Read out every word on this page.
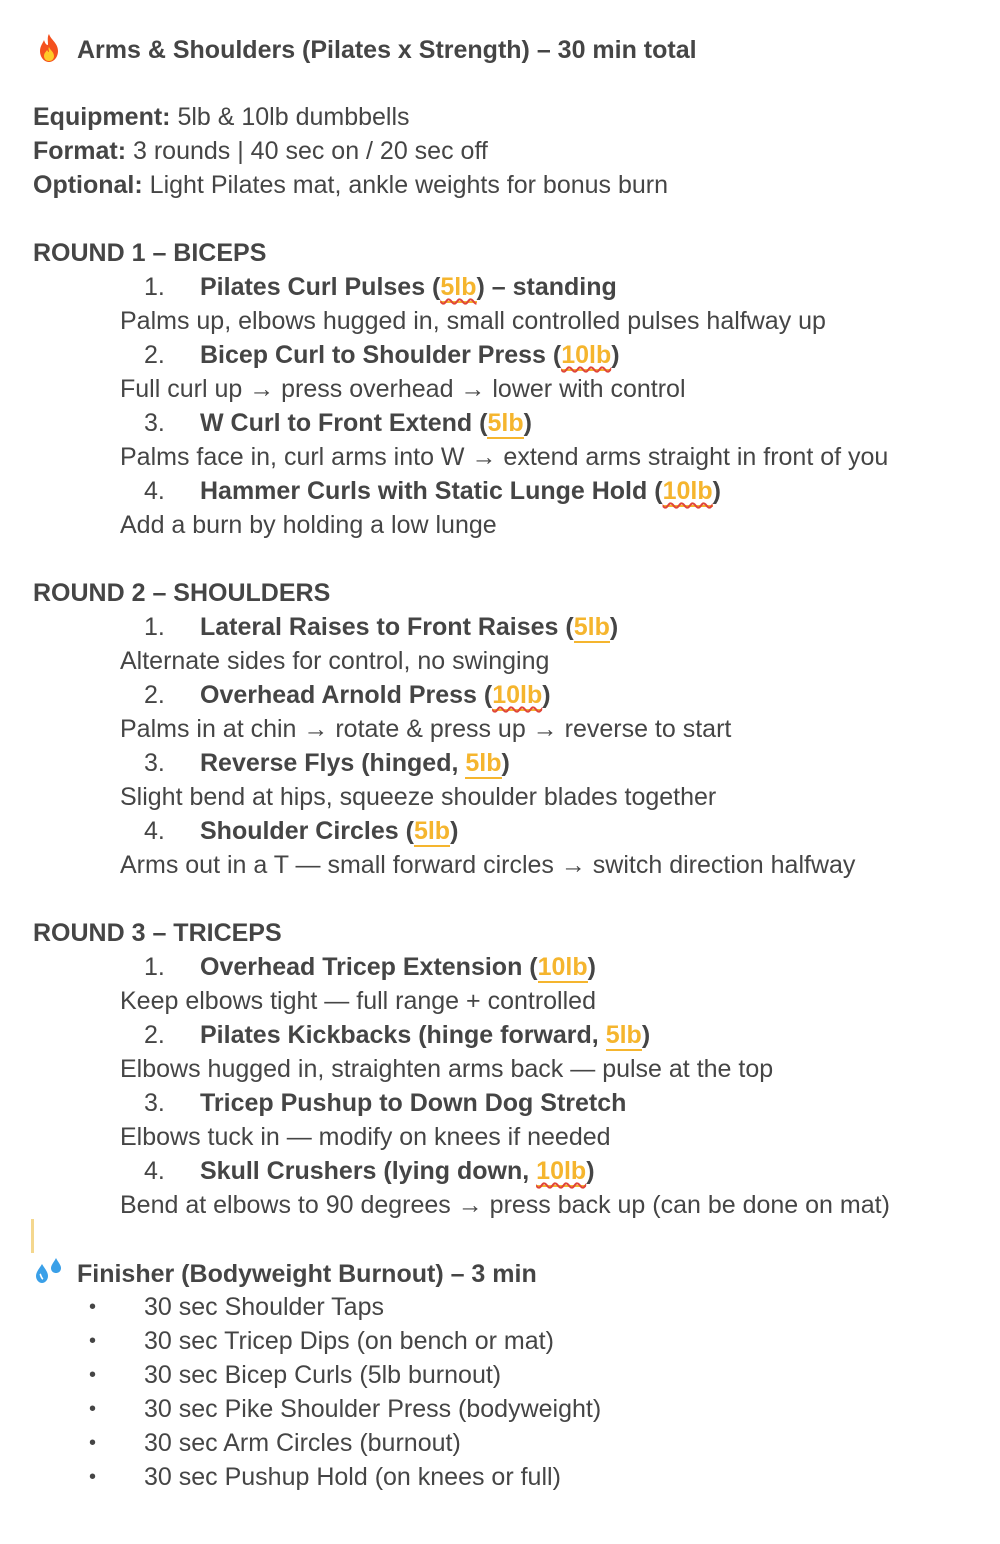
Arms & Shoulders (Pilates x Strength) – 30 min total
Equipment: 5lb & 10lb dumbbells
Format: 3 rounds | 40 sec on / 20 sec off
Optional: Light Pilates mat, ankle weights for bonus burn
ROUND 1 – BICEPS
1.	Pilates Curl Pulses (5lb) – standing
Palms up, elbows hugged in, small controlled pulses halfway up
2.	Bicep Curl to Shoulder Press (10lb)
Full curl up → press overhead → lower with control
3.	W Curl to Front Extend (5lb)
Palms face in, curl arms into W → extend arms straight in front of you
4.	Hammer Curls with Static Lunge Hold (10lb)
Add a burn by holding a low lunge
ROUND 2 – SHOULDERS
1.	Lateral Raises to Front Raises (5lb)
Alternate sides for control, no swinging
2.	Overhead Arnold Press (10lb)
Palms in at chin → rotate & press up → reverse to start
3.	Reverse Flys (hinged, 5lb)
Slight bend at hips, squeeze shoulder blades together
4.	Shoulder Circles (5lb)
Arms out in a T — small forward circles → switch direction halfway
ROUND 3 – TRICEPS
1.	Overhead Tricep Extension (10lb)
Keep elbows tight — full range + controlled
2.	Pilates Kickbacks (hinge forward, 5lb)
Elbows hugged in, straighten arms back — pulse at the top
3.	Tricep Pushup to Down Dog Stretch
Elbows tuck in — modify on knees if needed
4.	Skull Crushers (lying down, 10lb)
Bend at elbows to 90 degrees → press back up (can be done on mat)
Finisher (Bodyweight Burnout) – 3 min
• 30 sec Shoulder Taps
• 30 sec Tricep Dips (on bench or mat)
• 30 sec Bicep Curls (5lb burnout)
• 30 sec Pike Shoulder Press (bodyweight)
• 30 sec Arm Circles (burnout)
• 30 sec Pushup Hold (on knees or full)
